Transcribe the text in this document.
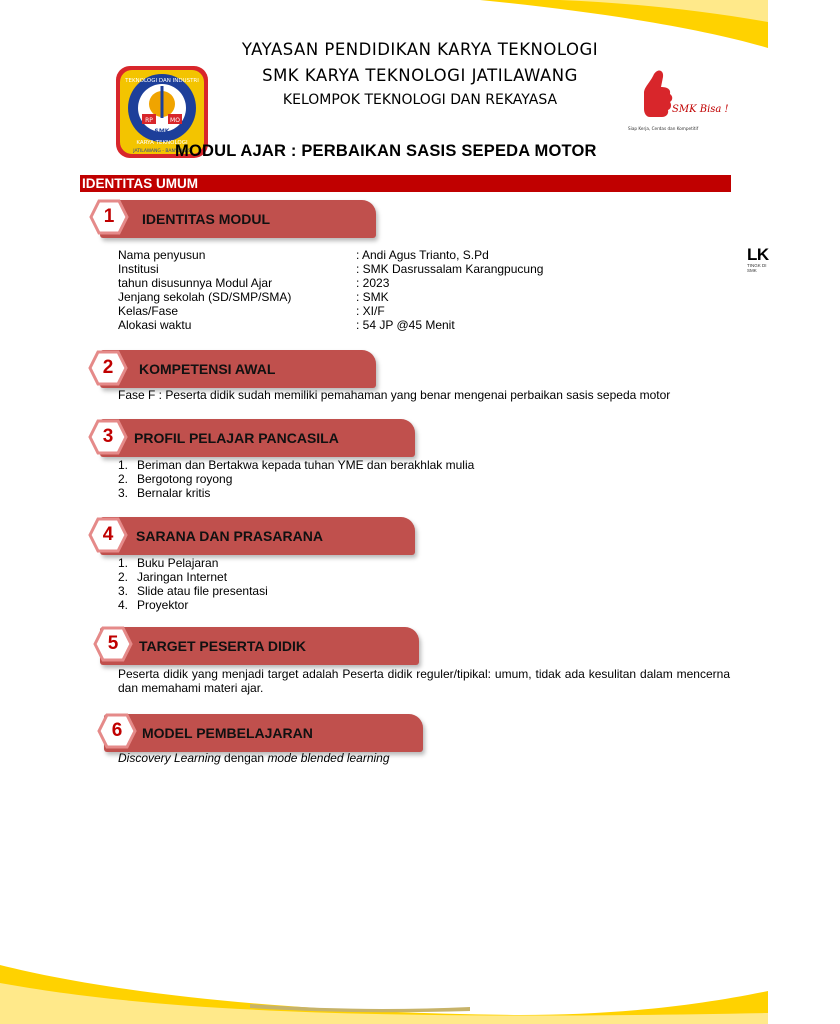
YAYASAN PENDIDIKAN KARYA TEKNOLOGI
SMK KARYA TEKNOLOGI JATILAWANG
KELOMPOK TEKNOLOGI DAN REKAYASA
RP	MO
TEKNOLOGI DAN INDUSTRI
SMK
KARYA TEKNOLOGI
JATILAWANG - BANYUMAS
SMK Bisa !
Siap Kerja, Cerdas dan Kompetitif
MODUL AJAR : PERBAIKAN SASIS SEPEDA MOTOR
IDENTITAS UMUM
LK
TINGK DI SMK
IDENTITAS MODUL
1
Nama penyusun	: Andi Agus Trianto, S.Pd
Institusi	: SMK Dasrussalam Karangpucung
tahun disusunnya Modul Ajar	: 2023
Jenjang sekolah (SD/SMP/SMA)	: SMK
Kelas/Fase	: XI/F
Alokasi waktu	: 54 JP @45 Menit
KOMPETENSI AWAL
2
Fase F : Peserta didik sudah memiliki pemahaman yang benar mengenai perbaikan sasis sepeda motor
PROFIL PELAJAR PANCASILA
3
1. Beriman dan Bertakwa kepada tuhan YME dan berakhlak mulia
2. Bergotong royong
3. Bernalar kritis
SARANA DAN PRASARANA
4
1. Buku Pelajaran
2. Jaringan Internet
3. Slide atau file presentasi
4. Proyektor
TARGET PESERTA DIDIK
5
Peserta didik yang menjadi target adalah Peserta didik reguler/tipikal: umum, tidak ada kesulitan dalam mencerna dan memahami materi ajar.
MODEL PEMBELAJARAN
6
Discovery Learning dengan mode blended learning
